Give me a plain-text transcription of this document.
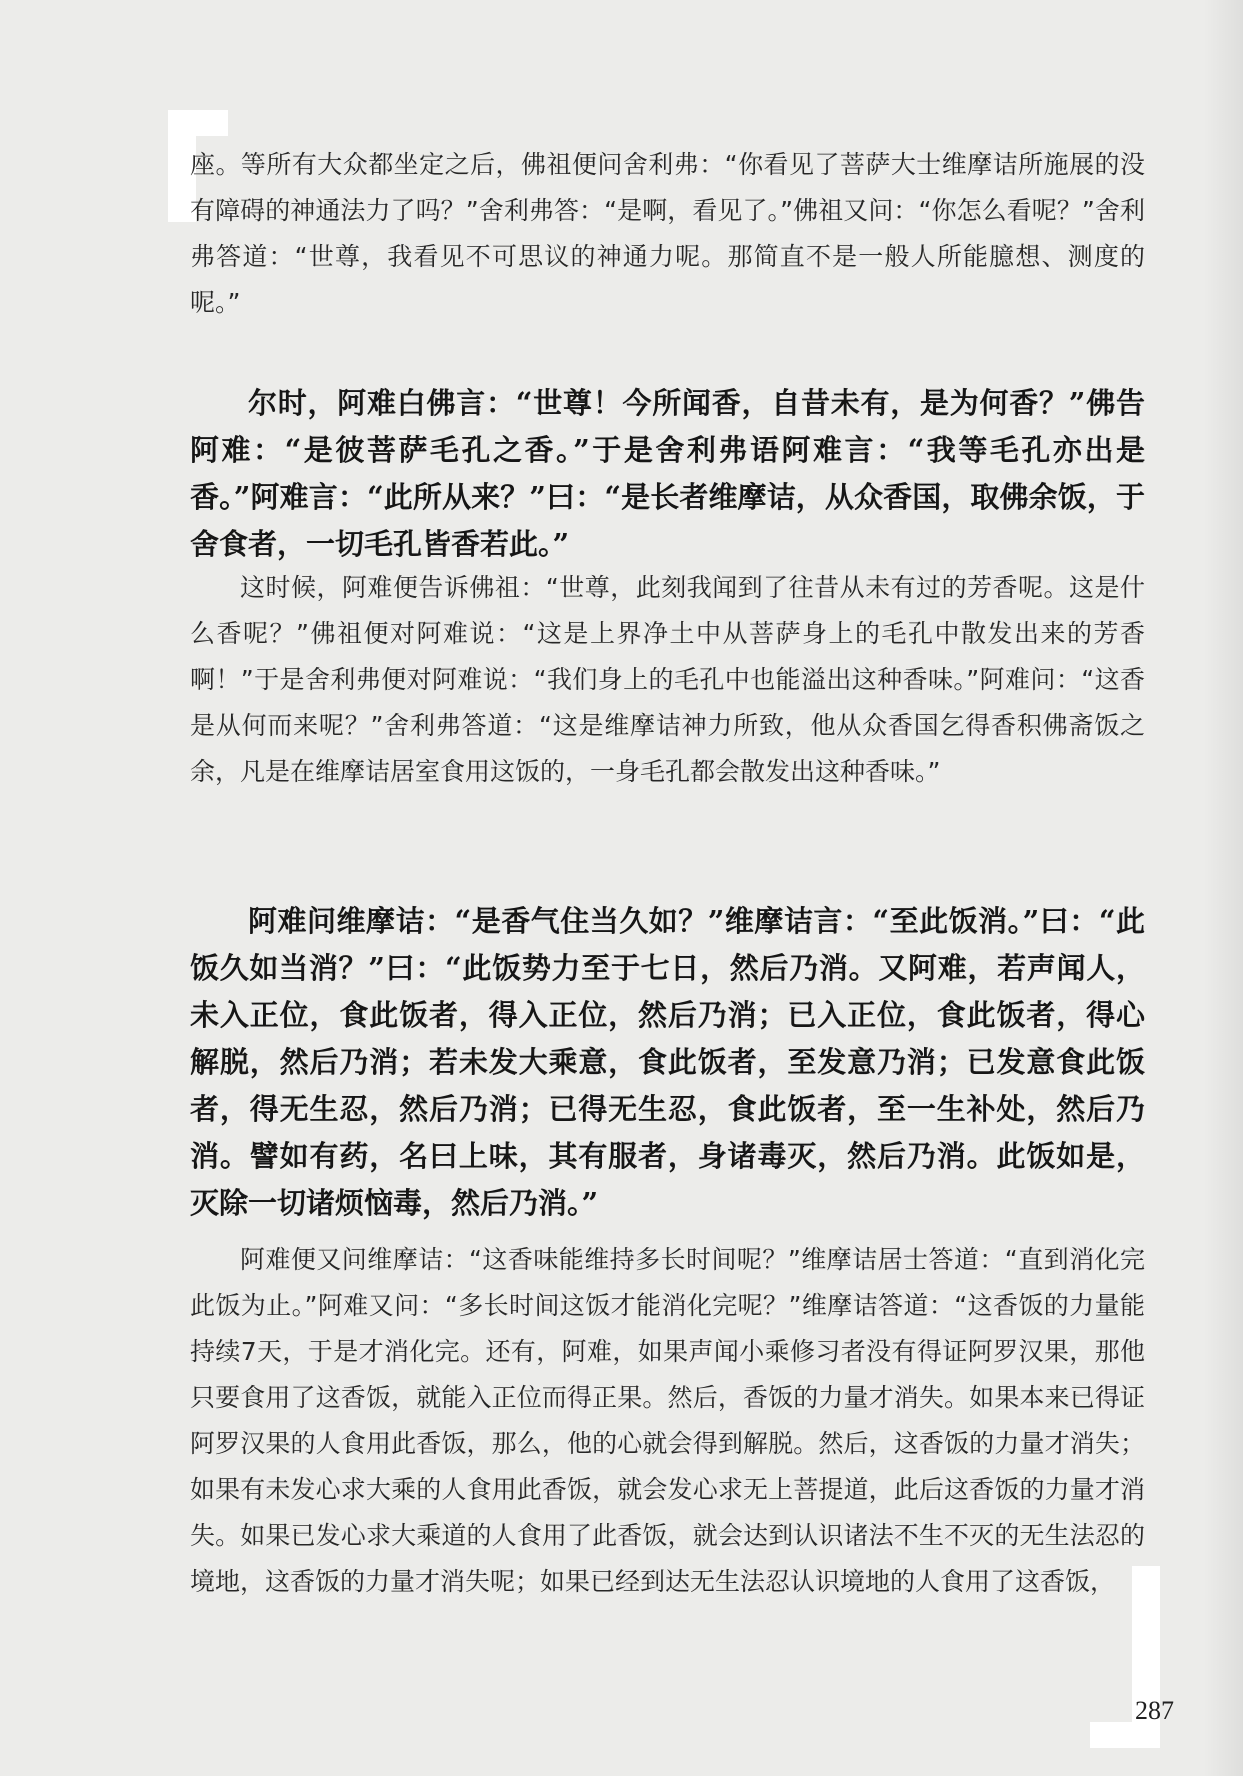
座。等所有大众都坐定之后，佛祖便问舍利弗：“你看见了菩萨大士维摩诘所施展的没有障碍的神通法力了吗？”舍利弗答：“是啊，看见了。”佛祖又问：“你怎么看呢？”舍利弗答道：“世尊，我看见不可思议的神通力呢。那简直不是一般人所能臆想、测度的呢。”

尔时，阿难白佛言：“世尊！今所闻香，自昔未有，是为何香？”佛告阿难：“是彼菩萨毛孔之香。”于是舍利弗语阿难言：“我等毛孔亦出是香。”阿难言：“此所从来？”曰：“是长者维摩诘，从众香国，取佛余饭，于舍食者，一切毛孔皆香若此。”

这时候，阿难便告诉佛祖：“世尊，此刻我闻到了往昔从未有过的芳香呢。这是什么香呢？”佛祖便对阿难说：“这是上界净土中从菩萨身上的毛孔中散发出来的芳香啊！”于是舍利弗便对阿难说：“我们身上的毛孔中也能溢出这种香味。”阿难问：“这香是从何而来呢？”舍利弗答道：“这是维摩诘神力所致，他从众香国乞得香积佛斋饭之余，凡是在维摩诘居室食用这饭的，一身毛孔都会散发出这种香味。”

阿难问维摩诘：“是香气住当久如？”维摩诘言：“至此饭消。”曰：“此饭久如当消？”曰：“此饭势力至于七日，然后乃消。又阿难，若声闻人，未入正位，食此饭者，得入正位，然后乃消；已入正位，食此饭者，得心解脱，然后乃消；若未发大乘意，食此饭者，至发意乃消；已发意食此饭者，得无生忍，然后乃消；已得无生忍，食此饭者，至一生补处，然后乃消。譬如有药，名曰上味，其有服者，身诸毒灭，然后乃消。此饭如是，灭除一切诸烦恼毒，然后乃消。”

阿难便又问维摩诘：“这香味能维持多长时间呢？”维摩诘居士答道：“直到消化完此饭为止。”阿难又问：“多长时间这饭才能消化完呢？”维摩诘答道：“这香饭的力量能持续7天，于是才消化完。还有，阿难，如果声闻小乘修习者没有得证阿罗汉果，那他只要食用了这香饭，就能入正位而得正果。然后，香饭的力量才消失。如果本来已得证阿罗汉果的人食用此香饭，那么，他的心就会得到解脱。然后，这香饭的力量才消失；如果有未发心求大乘的人食用此香饭，就会发心求无上菩提道，此后这香饭的力量才消失。如果已发心求大乘道的人食用了此香饭，就会达到认识诸法不生不灭的无生法忍的境地，这香饭的力量才消失呢；如果已经到达无生法忍认识境地的人食用了这香饭，

287
